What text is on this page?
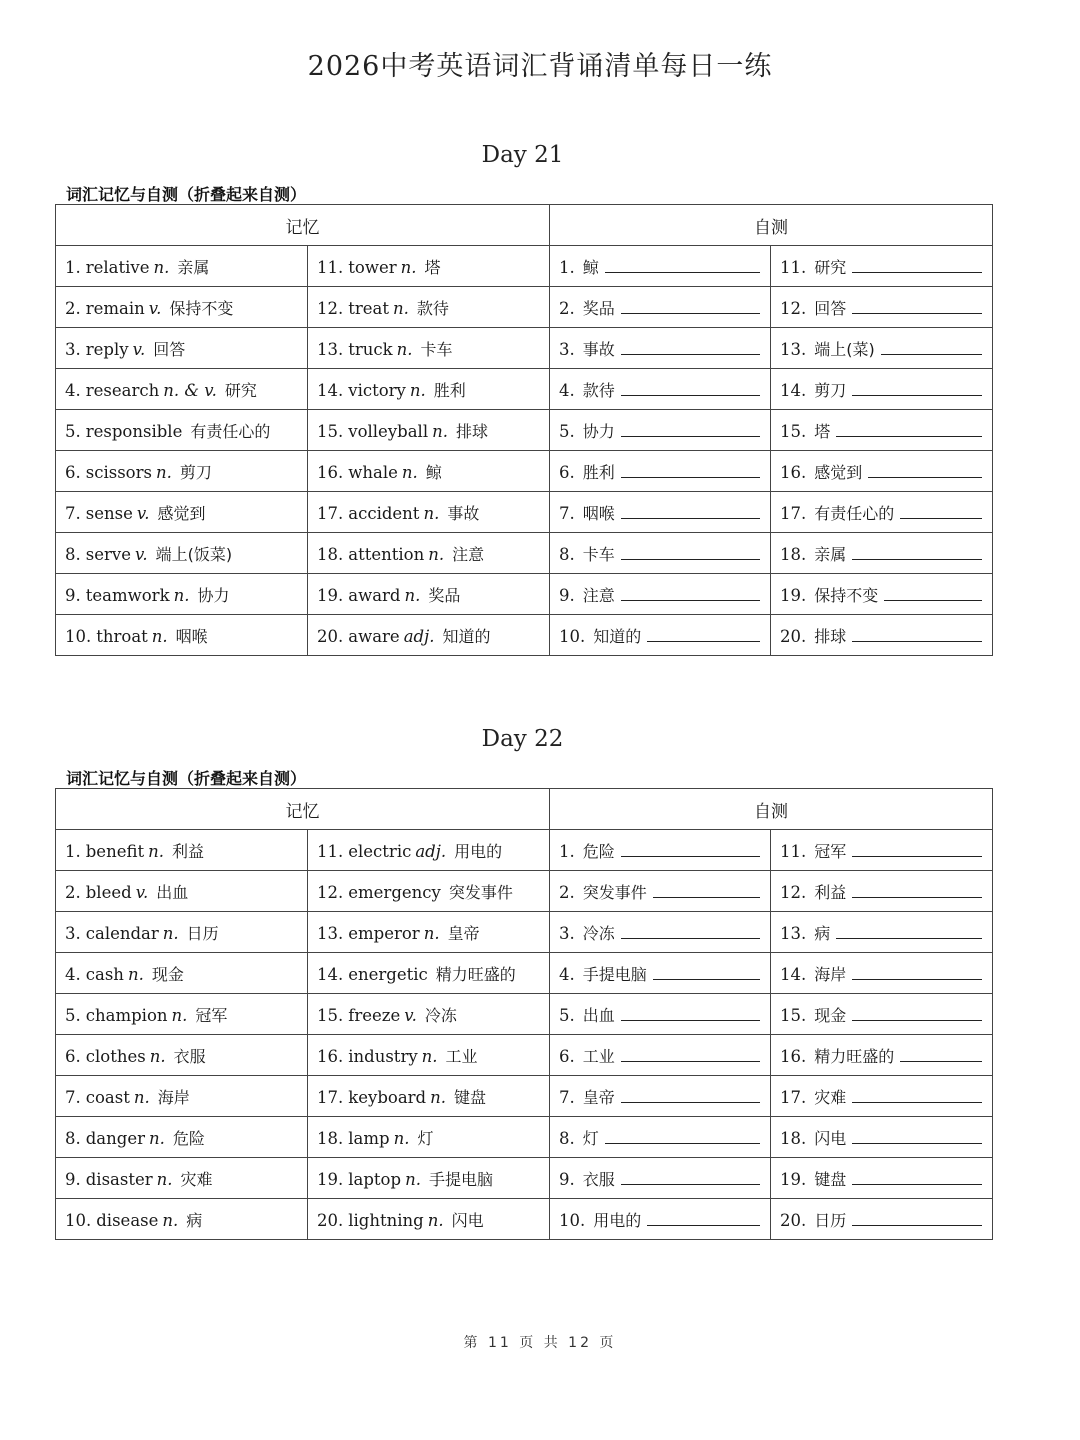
2026中考英语词汇背诵清单每日一练
Day 21
词汇记忆与自测（折叠起来自测）
记忆		自测	
1. relative n. 亲属	11. tower n. 塔	1. 鲸	11. 研究
2. remain v. 保持不变	12. treat n. 款待	2. 奖品	12. 回答
3. reply v. 回答	13. truck n. 卡车	3. 事故	13. 端上(菜)
4. research n. & v. 研究	14. victory n. 胜利	4. 款待	14. 剪刀
5. responsible 有责任心的	15. volleyball n. 排球	5. 协力	15. 塔
6. scissors n. 剪刀	16. whale n. 鲸	6. 胜利	16. 感觉到
7. sense v. 感觉到	17. accident n. 事故	7. 咽喉	17. 有责任心的
8. serve v. 端上(饭菜)	18. attention n. 注意	8. 卡车	18. 亲属
9. teamwork n. 协力	19. award n. 奖品	9. 注意	19. 保持不变
10. throat n. 咽喉	20. aware adj. 知道的	10. 知道的	20. 排球
Day 22
词汇记忆与自测（折叠起来自测）
记忆		自测	
1. benefit n. 利益	11. electric adj. 用电的	1. 危险	11. 冠军
2. bleed v. 出血	12. emergency 突发事件	2. 突发事件	12. 利益
3. calendar n. 日历	13. emperor n. 皇帝	3. 冷冻	13. 病
4. cash n. 现金	14. energetic 精力旺盛的	4. 手提电脑	14. 海岸
5. champion n. 冠军	15. freeze v. 冷冻	5. 出血	15. 现金
6. clothes n. 衣服	16. industry n. 工业	6. 工业	16. 精力旺盛的
7. coast n. 海岸	17. keyboard n. 键盘	7. 皇帝	17. 灾难
8. danger n. 危险	18. lamp n. 灯	8. 灯	18. 闪电
9. disaster n. 灾难	19. laptop n. 手提电脑	9. 衣服	19. 键盘
10. disease n. 病	20. lightning n. 闪电	10. 用电的	20. 日历
第 11 页 共 12 页
